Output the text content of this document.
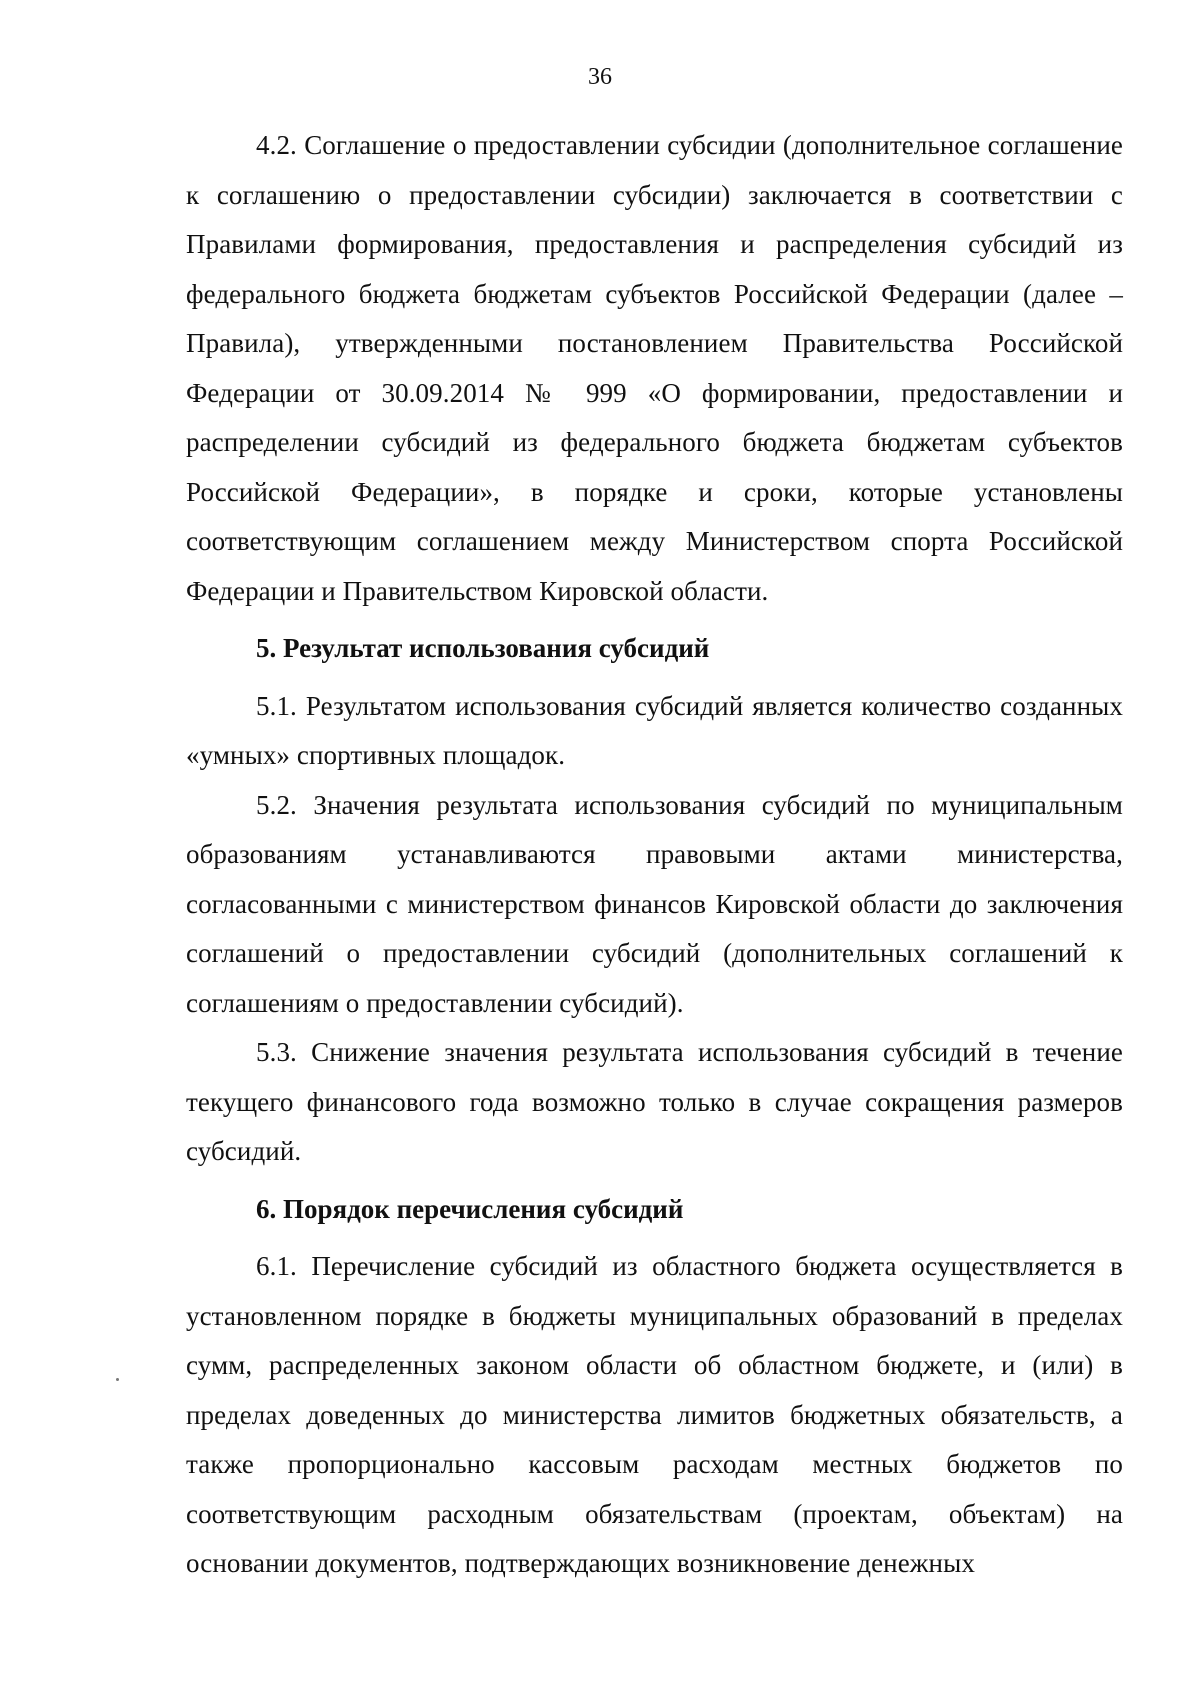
36

4.2. Соглашение о предоставлении субсидии (дополнительное соглашение к соглашению о предоставлении субсидии) заключается в соответствии с Правилами формирования, предоставления и распределения субсидий из федерального бюджета бюджетам субъектов Российской Федерации (далее – Правила), утвержденными постановлением Правительства Российской Федерации от 30.09.2014 № 999 «О формировании, предоставлении и распределении субсидий из федерального бюджета бюджетам субъектов Российской Федерации», в порядке и сроки, которые установлены соответствующим соглашением между Министерством спорта Российской Федерации и Правительством Кировской области.

5. Результат использования субсидий

5.1. Результатом использования субсидий является количество созданных «умных» спортивных площадок.

5.2. Значения результата использования субсидий по муниципальным образованиям устанавливаются правовыми актами министерства, согласованными с министерством финансов Кировской области до заключения соглашений о предоставлении субсидий (дополнительных соглашений к соглашениям о предоставлении субсидий).

5.3. Снижение значения результата использования субсидий в течение текущего финансового года возможно только в случае сокращения размеров субсидий.

6. Порядок перечисления субсидий

6.1. Перечисление субсидий из областного бюджета осуществляется в установленном порядке в бюджеты муниципальных образований в пределах сумм, распределенных законом области об областном бюджете, и (или) в пределах доведенных до министерства лимитов бюджетных обязательств, а также пропорционально кассовым расходам местных бюджетов по соответствующим расходным обязательствам (проектам, объектам) на основании документов, подтверждающих возникновение денежных
